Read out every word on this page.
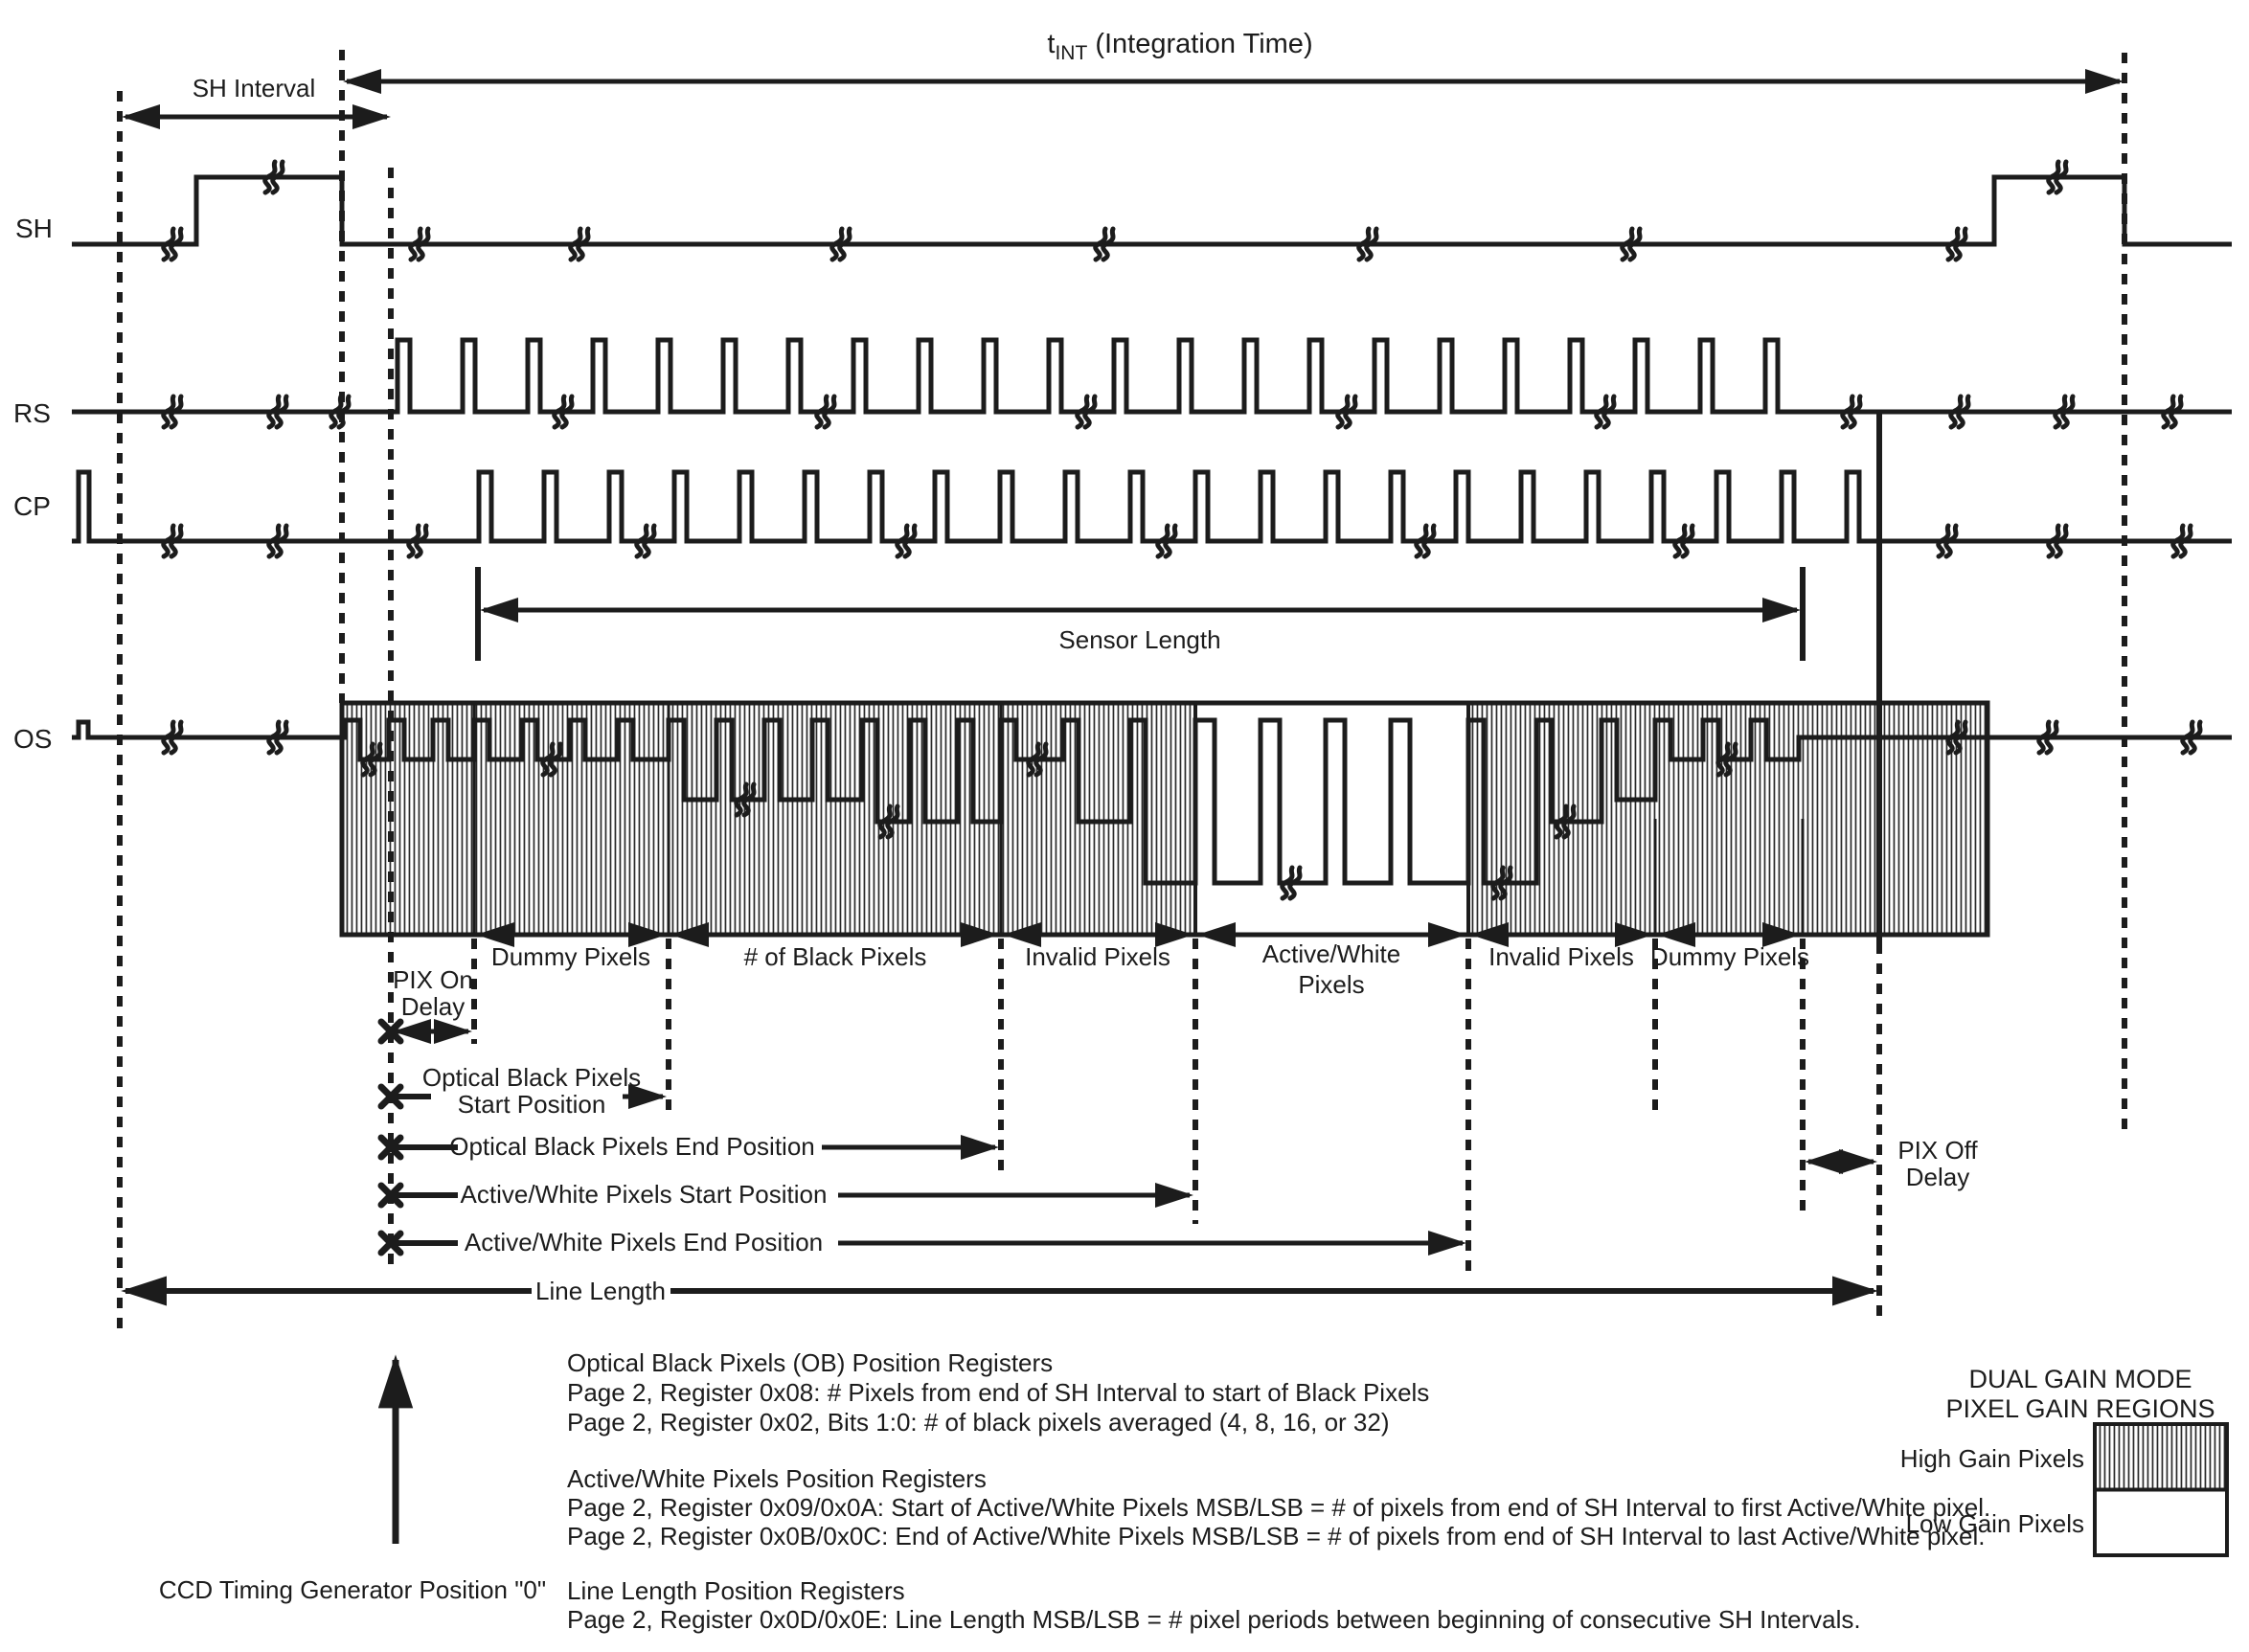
$t_{INT}$ (Integration Time)
SH
RS
CP
OS
SH Interval
Sensor Length
Dummy Pixels	# of Black Pixels	Invalid Pixels	Active/White
Pixels
Invalid Pixels Dummy Pixels
PIX On
Delay
Optical Black Pixels
Start Position
Optical Black Pixels End Position
Active/White Pixels Start Position
Active/White Pixels End Position
Line Length
PIX Off
Delay
CCD Timing Generator Position "0"
Optical Black Pixels (OB) Position Registers
Page 2, Register 0x08: # Pixels from end of SH Interval to start of Black Pixels
Page 2, Register 0x02, Bits 1:0: # of black pixels averaged (4, 8, 16, or 32)
Active/White Pixels Position Registers
Page 2, Register 0x09/0x0A: Start of Active/White Pixels MSB/LSB = # of pixels from end of SH Interval to first Active/White pixel.
Page 2, Register 0x0B/0x0C: End of Active/White Pixels MSB/LSB = # of pixels from end of SH Interval to last Active/White pixel.
Line Length Position Registers
Page 2, Register 0x0D/0x0E: Line Length MSB/LSB = # pixel periods between beginning of consecutive SH Intervals.
DUAL GAIN MODE
PIXEL GAIN REGIONS
High Gain Pixels
Low Gain Pixels
